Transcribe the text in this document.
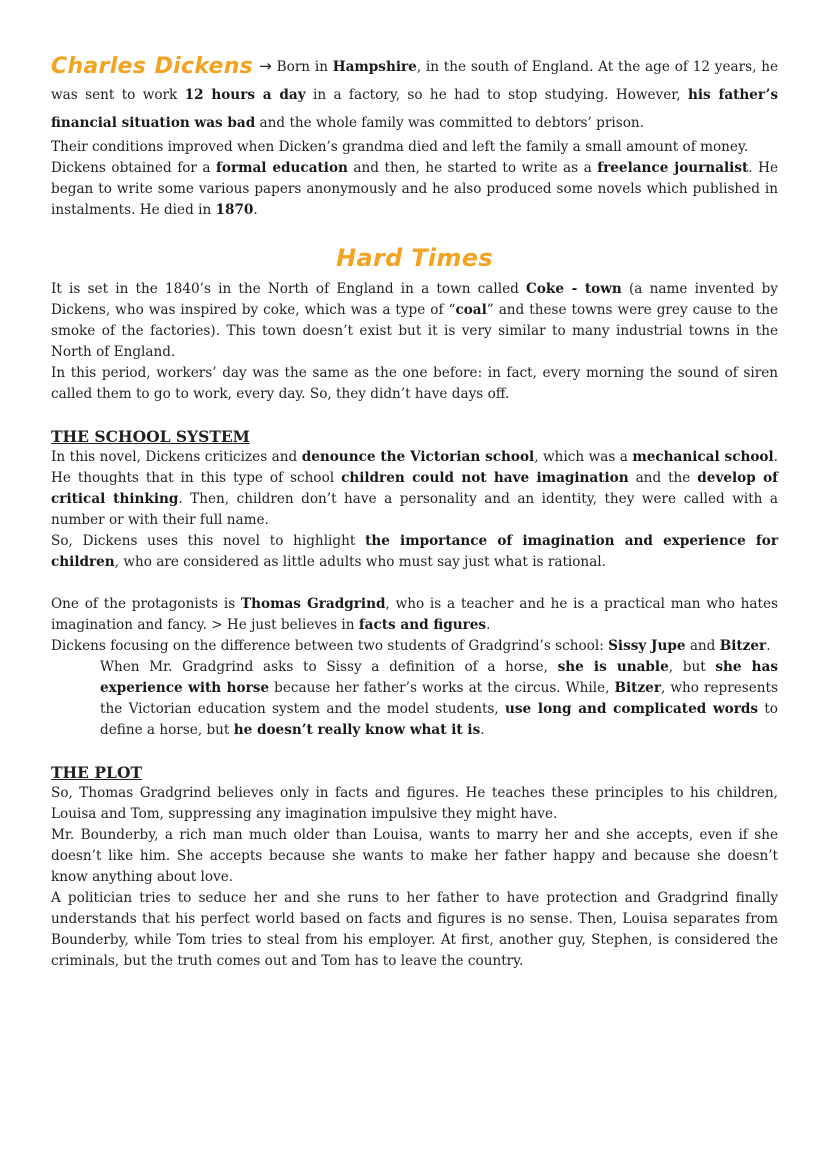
Charles Dickens → Born in Hampshire, in the south of England. At the age of 12 years, he was sent to work 12 hours a day in a factory, so he had to stop studying. However, his father’s financial situation was bad and the whole family was committed to debtors’ prison.

Their conditions improved when Dicken’s grandma died and left the family a small amount of money.

Dickens obtained for a formal education and then, he started to write as a freelance journalist. He began to write some various papers anonymously and he also produced some novels which published in instalments. He died in 1870.

Hard Times

It is set in the 1840’s in the North of England in a town called Coke - town (a name invented by Dickens, who was inspired by coke, which was a type of “coal” and these towns were grey cause to the smoke of the factories). This town doesn’t exist but it is very similar to many industrial towns in the North of England.

In this period, workers’ day was the same as the one before: in fact, every morning the sound of siren called them to go to work, every day. So, they didn’t have days off.

THE SCHOOL SYSTEM

In this novel, Dickens criticizes and denounce the Victorian school, which was a mechanical school. He thoughts that in this type of school children could not have imagination and the develop of critical thinking. Then, children don’t have a personality and an identity, they were called with a number or with their full name.

So, Dickens uses this novel to highlight the importance of imagination and experience for children, who are considered as little adults who must say just what is rational.

One of the protagonists is Thomas Gradgrind, who is a teacher and he is a practical man who hates imagination and fancy. > He just believes in facts and figures.

Dickens focusing on the difference between two students of Gradgrind’s school: Sissy Jupe and Bitzer.

When Mr. Gradgrind asks to Sissy a definition of a horse, she is unable, but she has experience with horse because her father’s works at the circus. While, Bitzer, who represents the Victorian education system and the model students, use long and complicated words to define a horse, but he doesn’t really know what it is.

THE PLOT

So, Thomas Gradgrind believes only in facts and figures. He teaches these principles to his children, Louisa and Tom, suppressing any imagination impulsive they might have.

Mr. Bounderby, a rich man much older than Louisa, wants to marry her and she accepts, even if she doesn’t like him. She accepts because she wants to make her father happy and because she doesn’t know anything about love.

A politician tries to seduce her and she runs to her father to have protection and Gradgrind finally understands that his perfect world based on facts and figures is no sense. Then, Louisa separates from Bounderby, while Tom tries to steal from his employer. At first, another guy, Stephen, is considered the criminals, but the truth comes out and Tom has to leave the country.
